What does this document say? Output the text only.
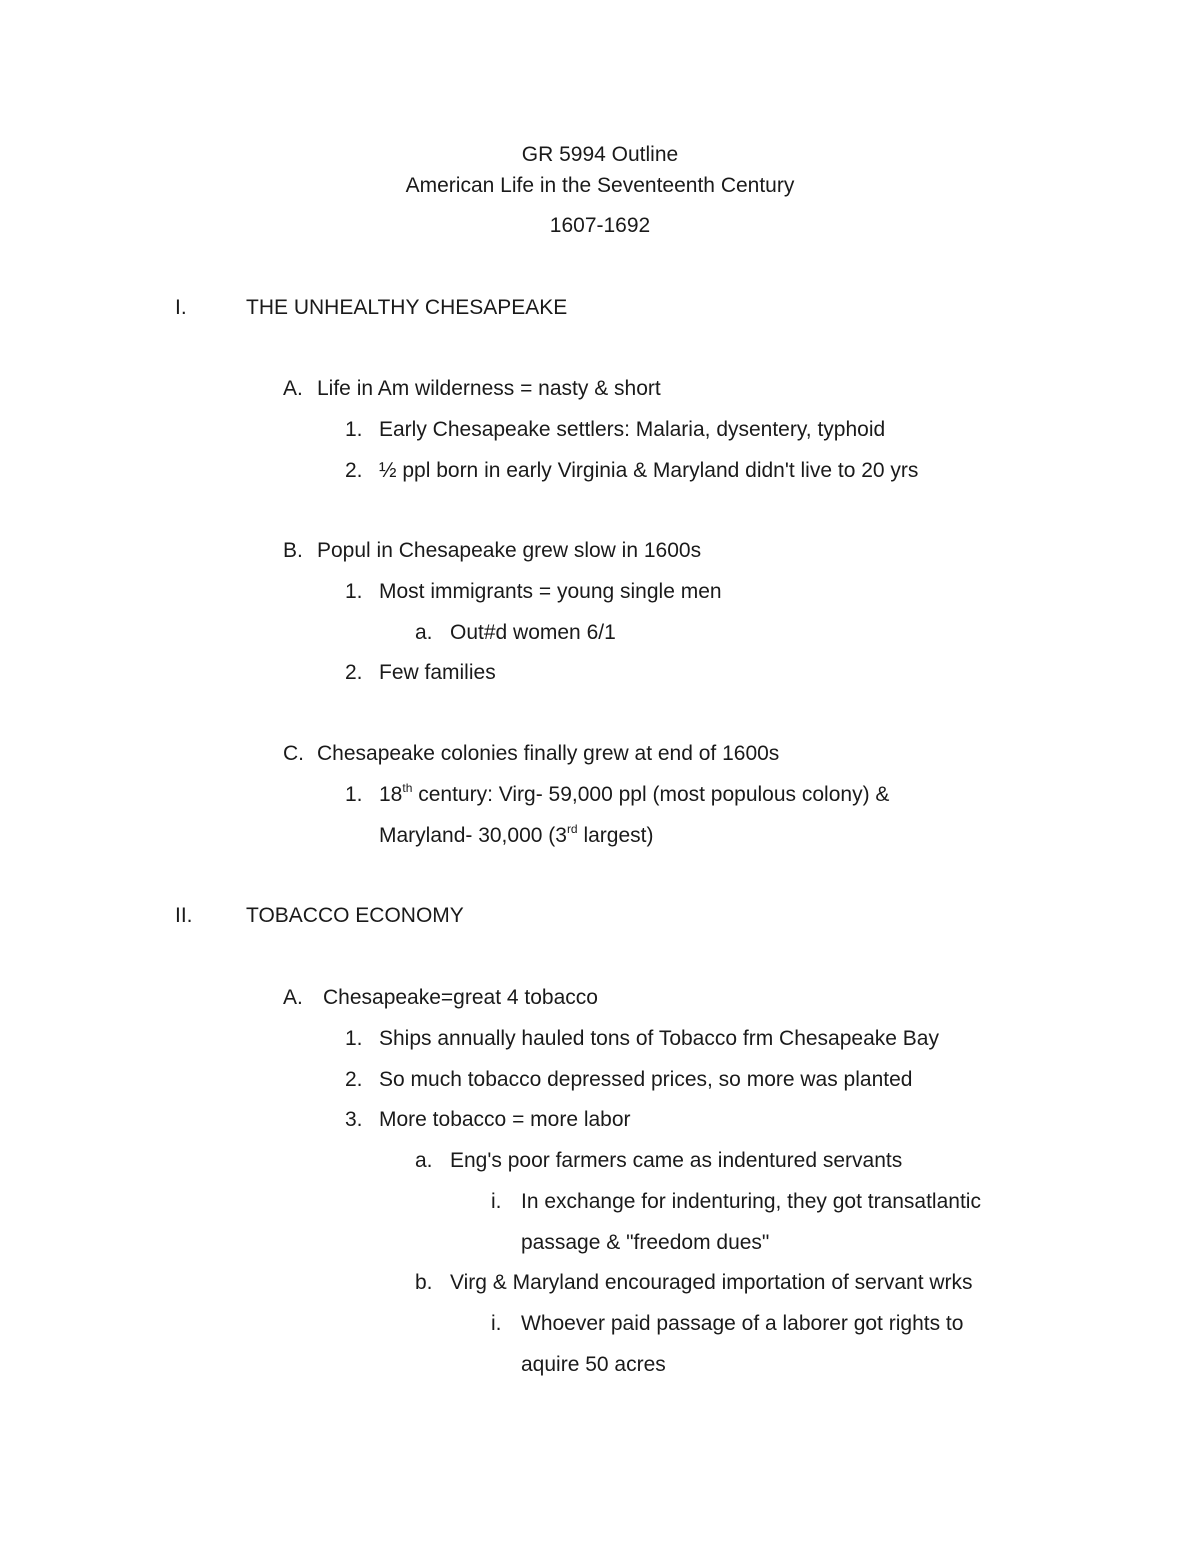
GR 5994 Outline
American Life in the Seventeenth Century
1607-1692
I.	THE UNHEALTHY CHESAPEAKE
A. Life in Am wilderness = nasty & short
1. Early Chesapeake settlers: Malaria, dysentery, typhoid
2. ½ ppl born in early Virginia & Maryland didn't live to 20 yrs
B. Popul in Chesapeake grew slow in 1600s
1. Most immigrants = young single men
a. Out#d women 6/1
2. Few families
C. Chesapeake colonies finally grew at end of 1600s
1. 18th century: Virg- 59,000 ppl (most populous colony) &
Maryland- 30,000 (3rd largest)
II.	TOBACCO ECONOMY
A. Chesapeake=great 4 tobacco
1. Ships annually hauled tons of Tobacco frm Chesapeake Bay
2. So much tobacco depressed prices, so more was planted
3. More tobacco = more labor
a. Eng's poor farmers came as indentured servants
i. In exchange for indenturing, they got transatlantic
passage & "freedom dues"
b. Virg & Maryland encouraged importation of servant wrks
i. Whoever paid passage of a laborer got rights to
aquire 50 acres
